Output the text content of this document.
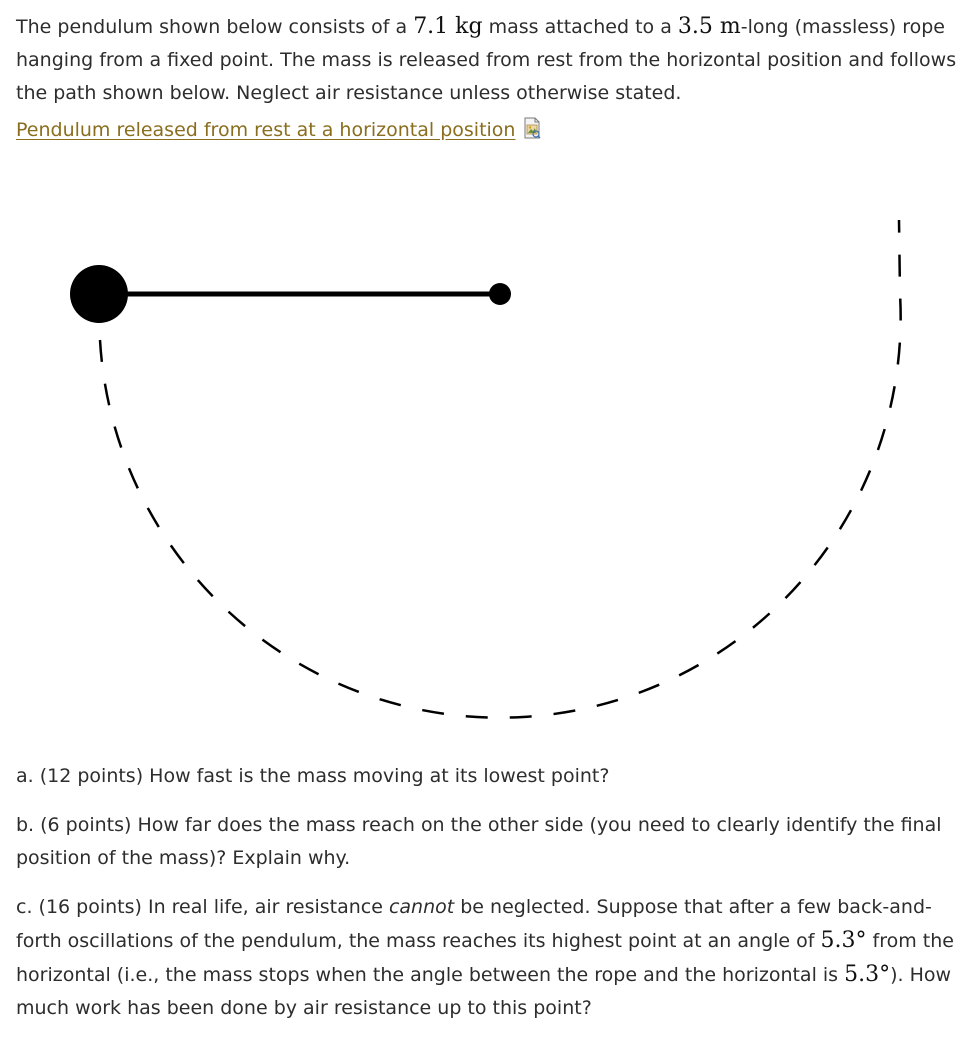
The pendulum shown below consists of a 7.1 kg mass attached to a 3.5 m-long (massless) rope
hanging from a fixed point. The mass is released from rest from the horizontal position and follows
the path shown below. Neglect air resistance unless otherwise stated.

Pendulum released from rest at a horizontal position

a. (12 points) How fast is the mass moving at its lowest point?

b. (6 points) How far does the mass reach on the other side (you need to clearly identify the final position of the mass)? Explain why.

c. (16 points) In real life, air resistance cannot be neglected. Suppose that after a few back-and-forth oscillations of the pendulum, the mass reaches its highest point at an angle of 5.3° from the horizontal (i.e., the mass stops when the angle between the rope and the horizontal is 5.3°). How much work has been done by air resistance up to this point?
